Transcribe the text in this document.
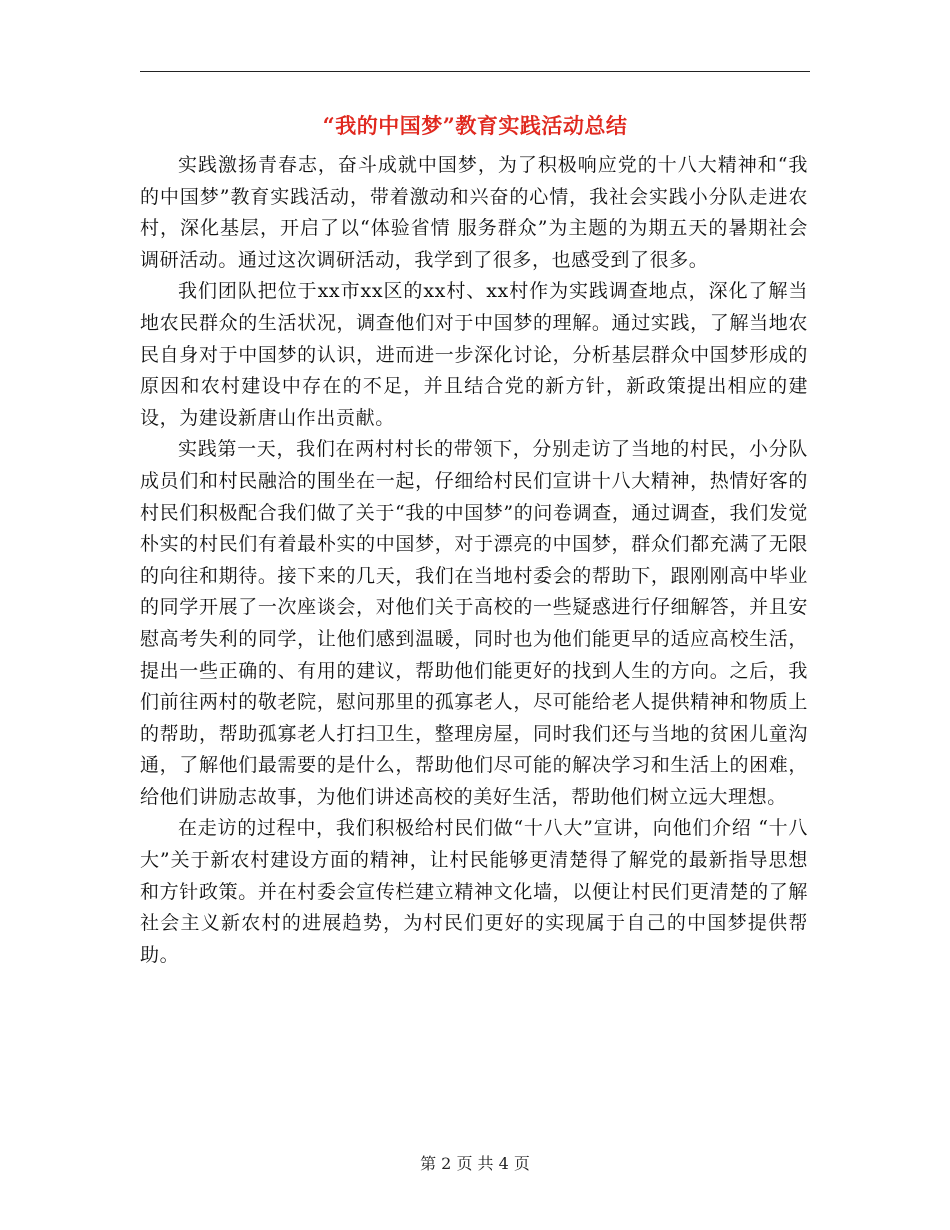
“我的中国梦”教育实践活动总结

实践激扬青春志，奋斗成就中国梦，为了积极响应党的十八大精神和“我的中国梦”教育实践活动，带着激动和兴奋的心情，我社会实践小分队走进农村，深化基层，开启了以“体验省情 服务群众”为主题的为期五天的暑期社会调研活动。通过这次调研活动，我学到了很多，也感受到了很多。

我们团队把位于xx市xx区的xx村、xx村作为实践调查地点，深化了解当地农民群众的生活状况，调查他们对于中国梦的理解。通过实践，了解当地农民自身对于中国梦的认识，进而进一步深化讨论，分析基层群众中国梦形成的原因和农村建设中存在的不足，并且结合党的新方针，新政策提出相应的建设，为建设新唐山作出贡献。

实践第一天，我们在两村村长的带领下，分别走访了当地的村民，小分队成员们和村民融洽的围坐在一起，仔细给村民们宣讲十八大精神，热情好客的村民们积极配合我们做了关于“我的中国梦”的问卷调查，通过调查，我们发觉朴实的村民们有着最朴实的中国梦，对于漂亮的中国梦，群众们都充满了无限的向往和期待。接下来的几天，我们在当地村委会的帮助下，跟刚刚高中毕业的同学开展了一次座谈会，对他们关于高校的一些疑惑进行仔细解答，并且安慰高考失利的同学，让他们感到温暖，同时也为他们能更早的适应高校生活，提出一些正确的、有用的建议，帮助他们能更好的找到人生的方向。之后，我们前往两村的敬老院，慰问那里的孤寡老人，尽可能给老人提供精神和物质上的帮助，帮助孤寡老人打扫卫生，整理房屋，同时我们还与当地的贫困儿童沟通，了解他们最需要的是什么，帮助他们尽可能的解决学习和生活上的困难，给他们讲励志故事，为他们讲述高校的美好生活，帮助他们树立远大理想。

在走访的过程中，我们积极给村民们做“十八大”宣讲，向他们介绍 “十八大”关于新农村建设方面的精神，让村民能够更清楚得了解党的最新指导思想和方针政策。并在村委会宣传栏建立精神文化墙，以便让村民们更清楚的了解社会主义新农村的进展趋势，为村民们更好的实现属于自己的中国梦提供帮助。

第 2 页 共 4 页
